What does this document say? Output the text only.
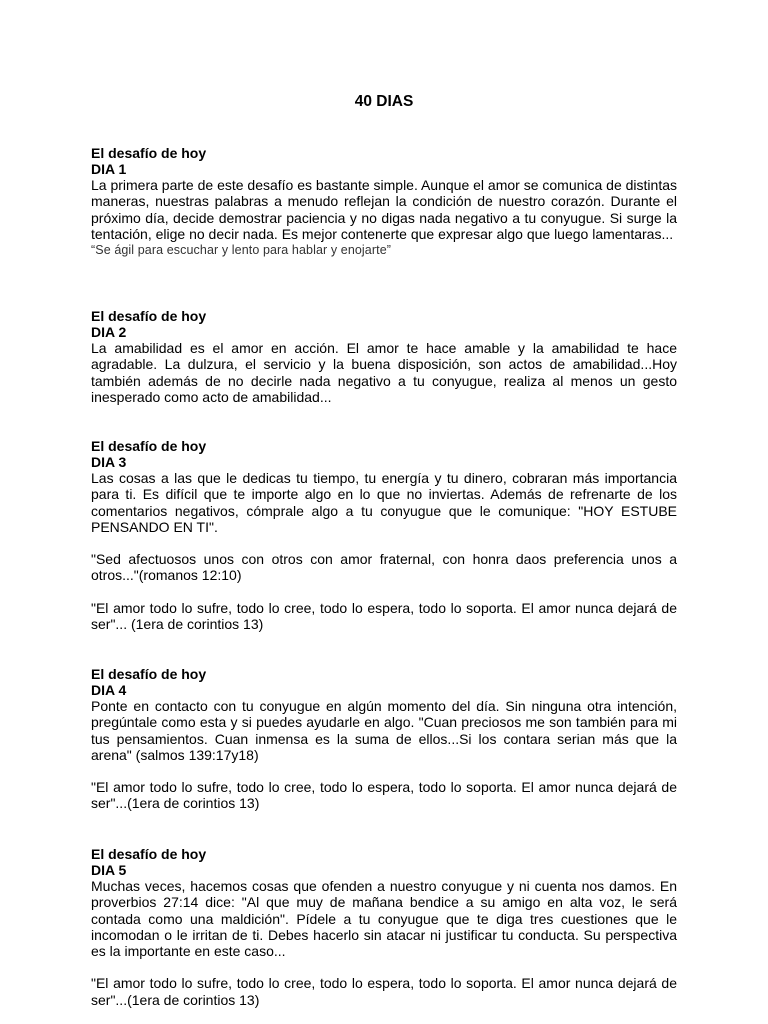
40 DIAS

El desafío de hoy

DIA 1

La primera parte de este desafío es bastante simple. Aunque el amor se comunica de distintas maneras, nuestras palabras a menudo reflejan la condición de nuestro corazón. Durante el próximo día, decide demostrar paciencia y no digas nada negativo a tu conyugue. Si surge la tentación, elige no decir nada. Es mejor contenerte que expresar algo que luego lamentaras...

“Se ágil para escuchar y lento para hablar y enojarte”

El desafío de hoy

DIA 2

La amabilidad es el amor en acción. El amor te hace amable y la amabilidad te hace agradable. La dulzura, el servicio y la buena disposición, son actos de amabilidad...Hoy también además de no decirle nada negativo a tu conyugue, realiza al menos un gesto inesperado como acto de amabilidad...

El desafío de hoy

DIA 3

Las cosas a las que le dedicas tu tiempo, tu energía y tu dinero, cobraran más importancia para ti. Es difícil que te importe algo en lo que no inviertas. Además de refrenarte de los comentarios negativos, cómprale algo a tu conyugue que le comunique: "HOY ESTUBE PENSANDO EN TI".

"Sed afectuosos unos con otros con amor fraternal, con honra daos preferencia unos a otros..."(romanos 12:10)

"El amor todo lo sufre, todo lo cree, todo lo espera, todo lo soporta. El amor nunca dejará de ser"... (1era de corintios 13)

El desafío de hoy

DIA 4

Ponte en contacto con tu conyugue en algún momento del día. Sin ninguna otra intención, pregúntale como esta y si puedes ayudarle en algo. "Cuan preciosos me son también para mi tus pensamientos. Cuan inmensa es la suma de ellos...Si los contara serian más que la arena" (salmos 139:17y18)

"El amor todo lo sufre, todo lo cree, todo lo espera, todo lo soporta. El amor nunca dejará de ser"...(1era de corintios 13)

El desafío de hoy

DIA 5

Muchas veces, hacemos cosas que ofenden a nuestro conyugue y ni cuenta nos damos. En proverbios 27:14 dice: "Al que muy de mañana bendice a su amigo en alta voz, le será contada como una maldición". Pídele a tu conyugue que te diga tres cuestiones que le incomodan o le irritan de ti. Debes hacerlo sin atacar ni justificar tu conducta. Su perspectiva es la importante en este caso...

"El amor todo lo sufre, todo lo cree, todo lo espera, todo lo soporta. El amor nunca dejará de ser"...(1era de corintios 13)
